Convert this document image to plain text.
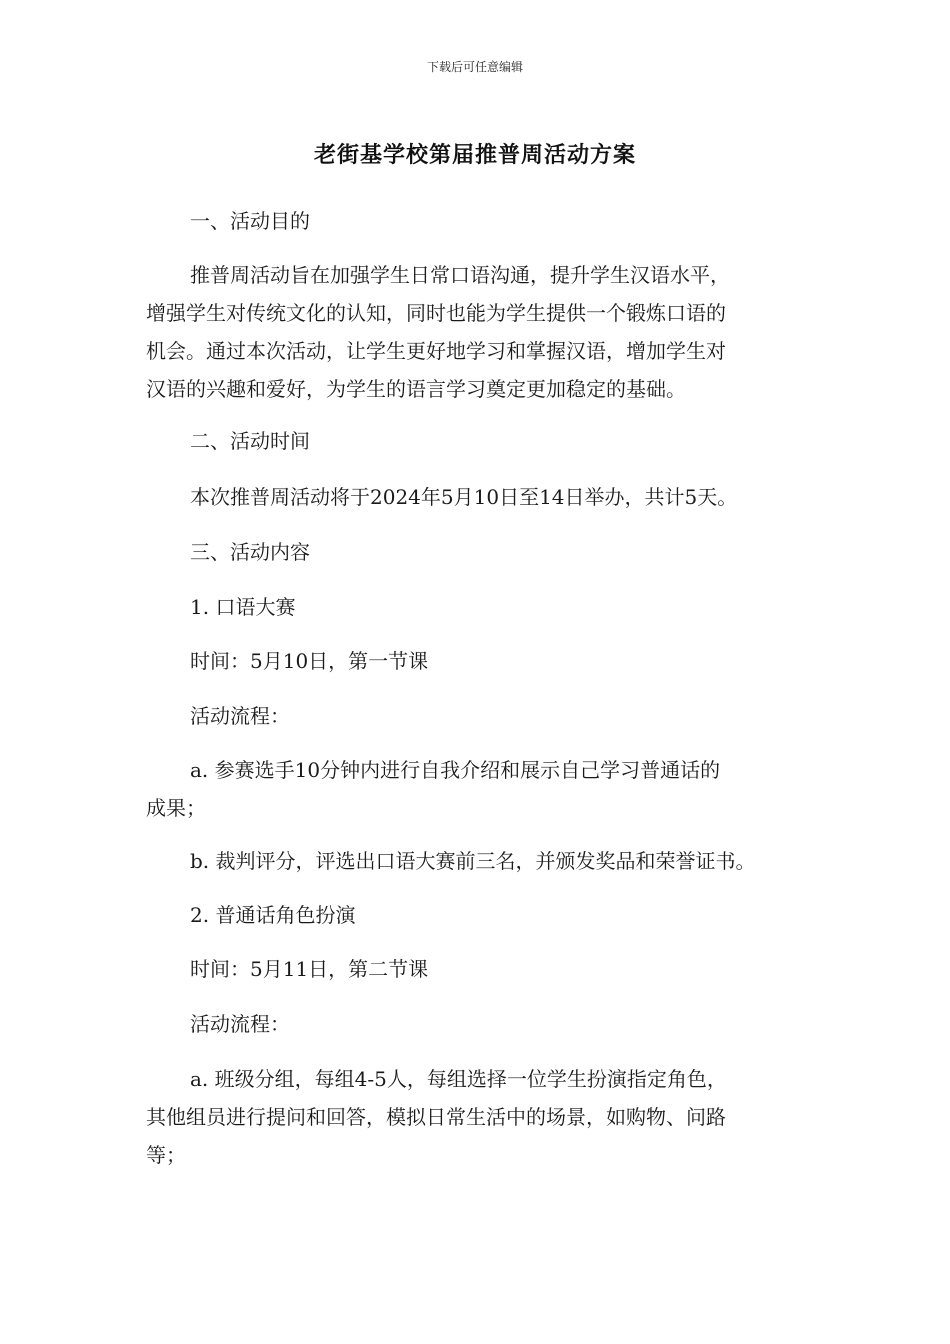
下载后可任意编辑
老街基学校第届推普周活动方案
一、活动目的
推普周活动旨在加强学生日常口语沟通，提升学生汉语水平，
增强学生对传统文化的认知，同时也能为学生提供一个锻炼口语的
机会。通过本次活动，让学生更好地学习和掌握汉语，增加学生对
汉语的兴趣和爱好，为学生的语言学习奠定更加稳定的基础。
二、活动时间
本次推普周活动将于2024年5月10日至14日举办，共计5天。
三、活动内容
1. 口语大赛
时间：5月10日，第一节课
活动流程：
a. 参赛选手10分钟内进行自我介绍和展示自己学习普通话的
成果；
b. 裁判评分，评选出口语大赛前三名，并颁发奖品和荣誉证书。
2. 普通话角色扮演
时间：5月11日，第二节课
活动流程：
a. 班级分组，每组4-5人，每组选择一位学生扮演指定角色，
其他组员进行提问和回答，模拟日常生活中的场景，如购物、问路
等；
